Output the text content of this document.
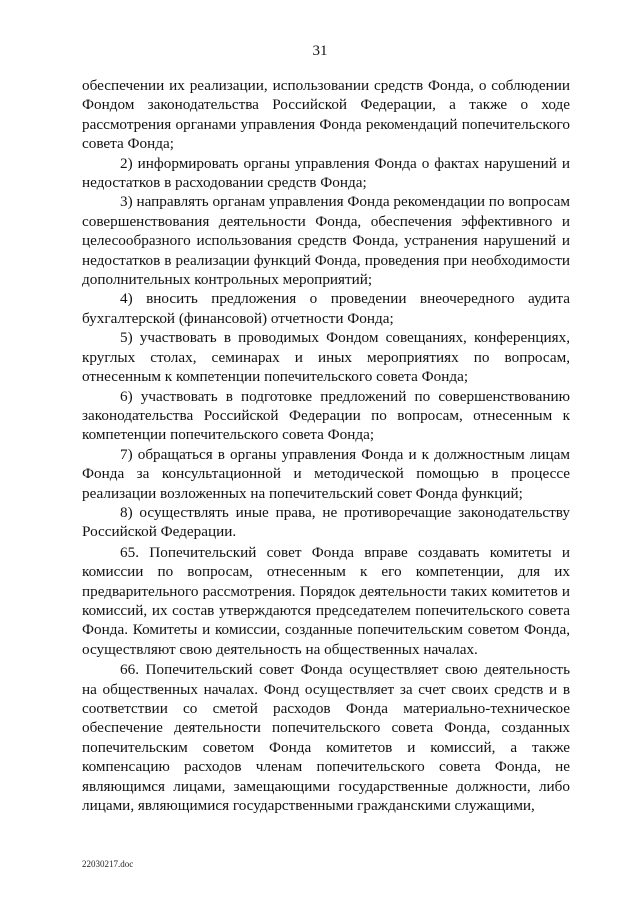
31

обеспечении их реализации, использовании средств Фонда, о соблюдении Фондом законодательства Российской Федерации, а также о ходе рассмотрения органами управления Фонда рекомендаций попечительского совета Фонда;

2) информировать органы управления Фонда о фактах нарушений и недостатков в расходовании средств Фонда;

3) направлять органам управления Фонда рекомендации по вопросам совершенствования деятельности Фонда, обеспечения эффективного и целесообразного использования средств Фонда, устранения нарушений и недостатков в реализации функций Фонда, проведения при необходимости дополнительных контрольных мероприятий;

4) вносить предложения о проведении внеочередного аудита бухгалтерской (финансовой) отчетности Фонда;

5) участвовать в проводимых Фондом совещаниях, конференциях, круглых столах, семинарах и иных мероприятиях по вопросам, отнесенным к компетенции попечительского совета Фонда;

6) участвовать в подготовке предложений по совершенствованию законодательства Российской Федерации по вопросам, отнесенным к компетенции попечительского совета Фонда;

7) обращаться в органы управления Фонда и к должностным лицам Фонда за консультационной и методической помощью в процессе реализации возложенных на попечительский совет Фонда функций;

8) осуществлять иные права, не противоречащие законодательству Российской Федерации.

65. Попечительский совет Фонда вправе создавать комитеты и комиссии по вопросам, отнесенным к его компетенции, для их предварительного рассмотрения. Порядок деятельности таких комитетов и комиссий, их состав утверждаются председателем попечительского совета Фонда. Комитеты и комиссии, созданные попечительским советом Фонда, осуществляют свою деятельность на общественных началах.

66. Попечительский совет Фонда осуществляет свою деятельность на общественных началах. Фонд осуществляет за счет своих средств и в соответствии со сметой расходов Фонда материально-техническое обеспечение деятельности попечительского совета Фонда, созданных попечительским советом Фонда комитетов и комиссий, а также компенсацию расходов членам попечительского совета Фонда, не являющимся лицами, замещающими государственные должности, либо лицами, являющимися государственными гражданскими служащими,

22030217.doc
